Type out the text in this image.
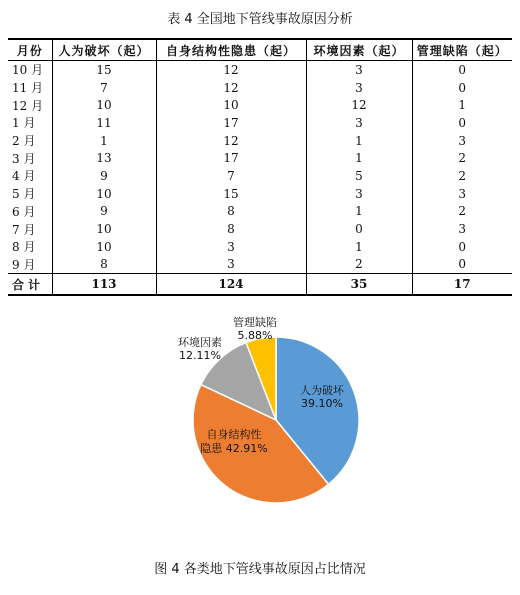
表 4 全国地下管线事故原因分析
月份	人为破坏（起）	自身结构性隐患（起）	环境因素（起）	管理缺陷（起）
10 月	15	12	3	0
11 月	7	12	3	0
12 月	10	10	12	1
1 月	11	17	3	0
2 月	1	12	1	3
3 月	13	17	1	2
4 月	9	7	5	2
5 月	10	15	3	3
6 月	9	8	1	2
7 月	10	8	0	3
8 月	10	3	1	0
9 月	8	3	2	0
合计	113	124	35	17
人为破坏 39.10%
自身结构性隐患 42.91%
环境因素 12.11%
管理缺陷 5.88%
图 4 各类地下管线事故原因占比情况
